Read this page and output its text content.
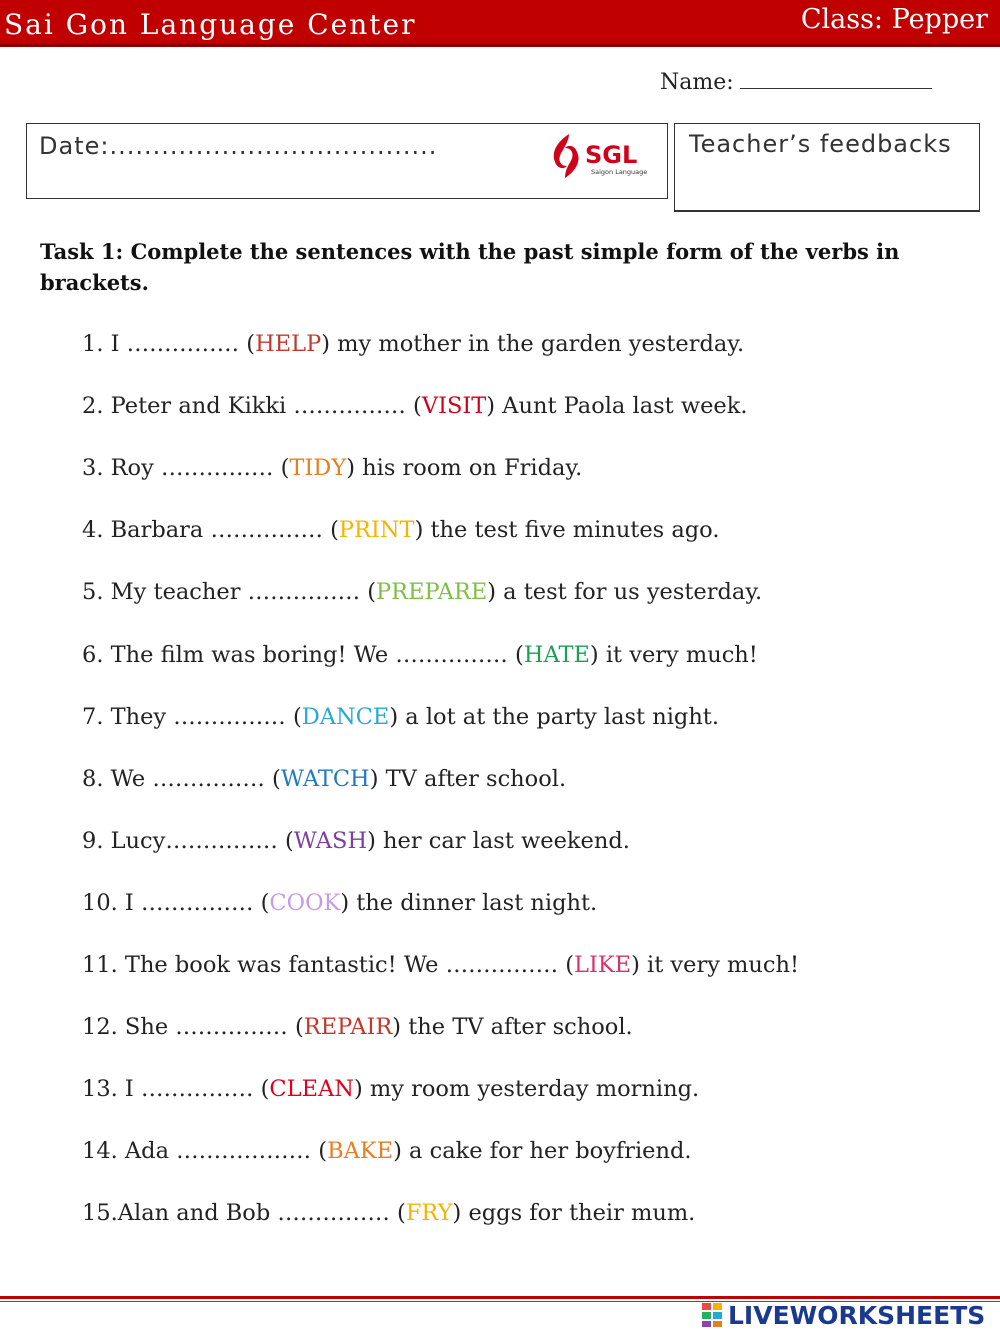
Sai Gon Language Center	Class: Pepper
Name:
Date:......................................	SGL
Saigon Language
Teacher’s feedbacks
Task 1: Complete the sentences with the past simple form of the verbs in brackets.
1. I …………… (HELP) my mother in the garden yesterday.
2. Peter and Kikki …………… (VISIT) Aunt Paola last week.
3. Roy …………… (TIDY) his room on Friday.
4. Barbara …………… (PRINT) the test five minutes ago.
5. My teacher …………… (PREPARE) a test for us yesterday.
6. The film was boring! We …………… (HATE) it very much!
7. They …………… (DANCE) a lot at the party last night.
8. We …………… (WATCH) TV after school.
9. Lucy…………… (WASH) her car last weekend.
10. I …………… (COOK) the dinner last night.
11. The book was fantastic! We …………… (LIKE) it very much!
12. She …………… (REPAIR) the TV after school.
13. I …………… (CLEAN) my room yesterday morning.
14. Ada ……………… (BAKE) a cake for her boyfriend.
15.Alan and Bob …………… (FRY) eggs for their mum.
LIVEWORKSHEETS
